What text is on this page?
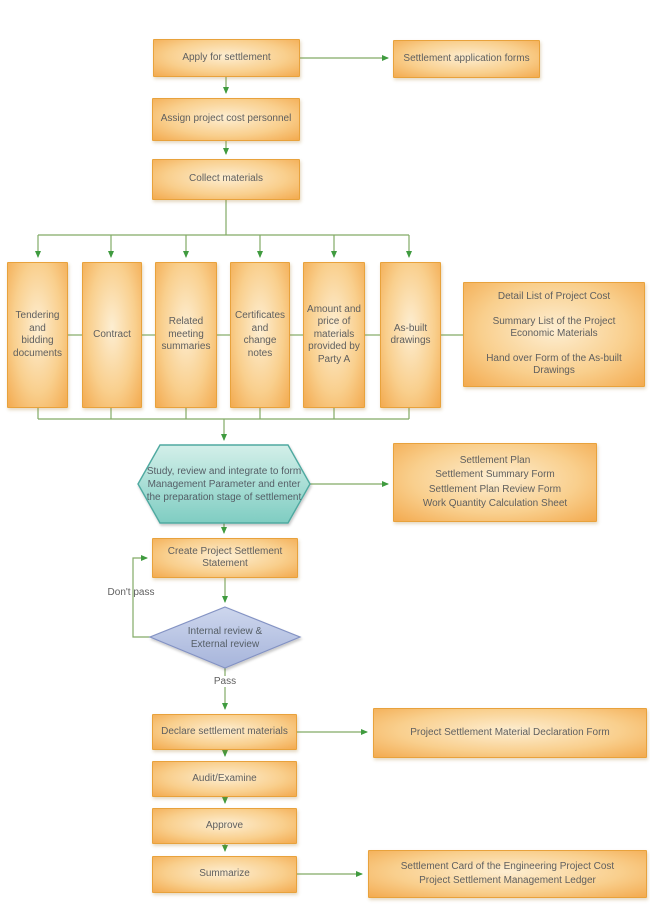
Apply for settlement	Settlement application forms
Assign project cost personnel
Collect materials
Tendering and bidding documents
Contract
Related meeting summaries
Certificates and change notes
Amount and price of materials provided by Party A
As-built drawings
Detail List of Project Cost
Summary List of the Project Economic Materials
Hand over Form of the As-built Drawings
Study, review and integrate to form Management Parameter and enter the preparation stage of settlement
Settlement Plan
Settlement Summary Form
Settlement Plan Review Form
Work Quantity Calculation Sheet
Create Project Settlement Statement
Internal review & External review
Don't pass
Pass
Declare settlement materials	Project Settlement Material Declaration Form
Audit/Examine
Approve
Summarize
Settlement Card of the Engineering Project Cost
Project Settlement Management Ledger
